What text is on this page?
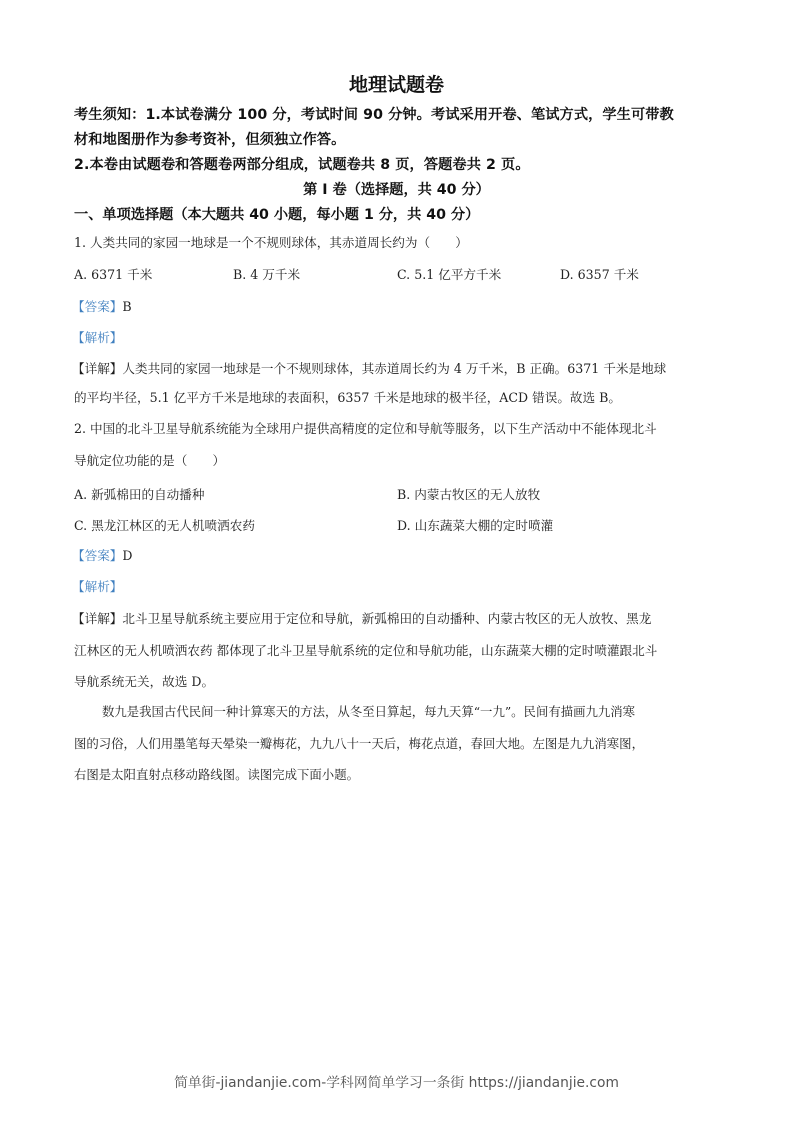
地理试题卷
考生须知：1.本试卷满分 100 分，考试时间 90 分钟。考试采用开卷、笔试方式，学生可带教
材和地图册作为参考资补，但须独立作答。
2.本卷由试题卷和答题卷两部分组成，试题卷共 8 页，答题卷共 2 页。
第 I 卷（选择题，共 40 分）
一、单项选择题（本大题共 40 小题，每小题 1 分，共 40 分）
1. 人类共同的家园一地球是一个不规则球体，其赤道周长约为（　　）
A. 6371 千米	B. 4 万千米	C. 5.1 亿平方千米	D. 6357 千米
【答案】B
【解析】
【详解】人类共同的家园一地球是一个不规则球体，其赤道周长约为 4 万千米，B 正确。6371 千米是地球
的平均半径，5.1 亿平方千米是地球的表面积，6357 千米是地球的极半径，ACD 错误。故选 B。
2. 中国的北斗卫星导航系统能为全球用户提供高精度的定位和导航等服务，以下生产活动中不能体现北斗
导航定位功能的是（　　）
A. 新弧棉田的自动播种	B. 内蒙古牧区的无人放牧
C. 黑龙江林区的无人机喷洒农药	D. 山东蔬菜大棚的定时喷灌
【答案】D
【解析】
【详解】北斗卫星导航系统主要应用于定位和导航，新弧棉田的自动播种、内蒙古牧区的无人放牧、黑龙
江林区的无人机喷洒农药 都体现了北斗卫星导航系统的定位和导航功能，山东蔬菜大棚的定时喷灌跟北斗
导航系统无关，故选 D。
数九是我国古代民间一种计算寒天的方法，从冬至日算起，每九天算“一九”。民间有描画九九消寒
图的习俗，人们用墨笔每天晕染一瓣梅花，九九八十一天后，梅花点道，春回大地。左图是九九消寒图，
右图是太阳直射点移动路线图。读图完成下面小题。
简单街-jiandanjie.com-学科网简单学习一条街 https://jiandanjie.com
